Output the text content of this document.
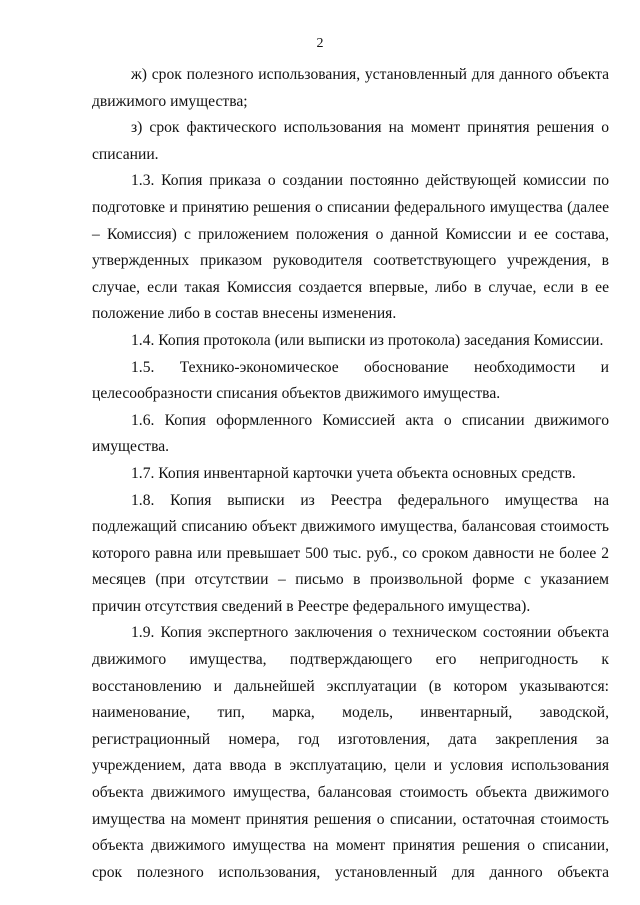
2

ж) срок полезного использования, установленный для данного объекта движимого имущества;

з) срок фактического использования на момент принятия решения о списании.

1.3. Копия приказа о создании постоянно действующей комиссии по подготовке и принятию решения о списании федерального имущества (далее – Комиссия) с приложением положения о данной Комиссии и ее состава, утвержденных приказом руководителя соответствующего учреждения, в случае, если такая Комиссия создается впервые, либо в случае, если в ее положение либо в состав внесены изменения.

1.4. Копия протокола (или выписки из протокола) заседания Комиссии.

1.5. Технико-экономическое обоснование необходимости и целесообразности списания объектов движимого имущества.

1.6. Копия оформленного Комиссией акта о списании движимого имущества.

1.7. Копия инвентарной карточки учета объекта основных средств.

1.8. Копия выписки из Реестра федерального имущества на подлежащий списанию объект движимого имущества, балансовая стоимость которого равна или превышает 500 тыс. руб., со сроком давности не более 2 месяцев (при отсутствии – письмо в произвольной форме с указанием причин отсутствия сведений в Реестре федерального имущества).

1.9. Копия экспертного заключения о техническом состоянии объекта движимого имущества, подтверждающего его непригодность к восстановлению и дальнейшей эксплуатации (в котором указываются: наименование, тип, марка, модель, инвентарный, заводской, регистрационный номера, год изготовления, дата закрепления за учреждением, дата ввода в эксплуатацию, цели и условия использования объекта движимого имущества, балансовая стоимость объекта движимого имущества на момент принятия решения о списании, остаточная стоимость объекта движимого имущества на момент принятия решения о списании, срок полезного использования, установленный для данного объекта
